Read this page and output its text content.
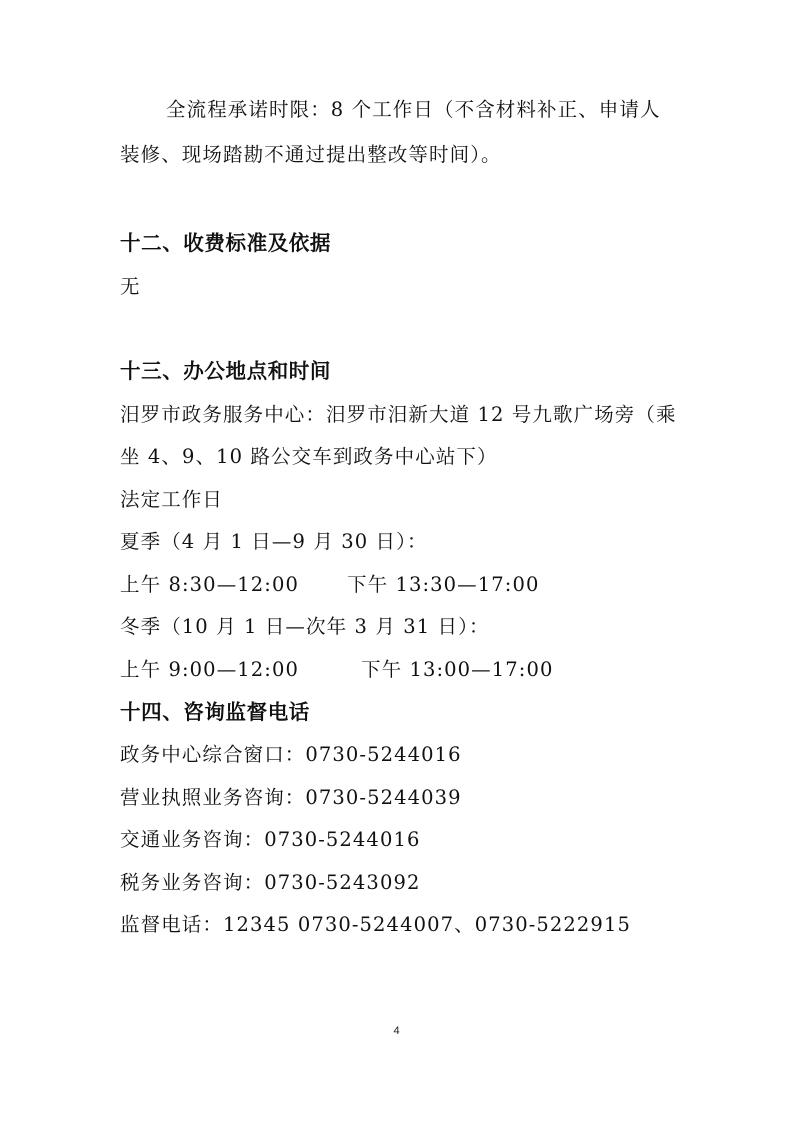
全流程承诺时限：8 个工作日（不含材料补正、申请人
装修、现场踏勘不通过提出整改等时间）。
十二、收费标准及依据
无
十三、办公地点和时间
汨罗市政务服务中心：汨罗市汨新大道 12 号九歌广场旁（乘
坐 4、9、10 路公交车到政务中心站下）
法定工作日
夏季（4 月 1 日—9 月 30 日）：
上午 8:30—12:00 下午 13:30—17:00
冬季（10 月 1 日—次年 3 月 31 日）：
上午 9:00—12:00	下午 13:00—17:00
十四、咨询监督电话
政务中心综合窗口：0730-5244016
营业执照业务咨询：0730-5244039
交通业务咨询：0730-5244016
税务业务咨询：0730-5243092
监督电话：12345 0730-5244007、0730-5222915
4
